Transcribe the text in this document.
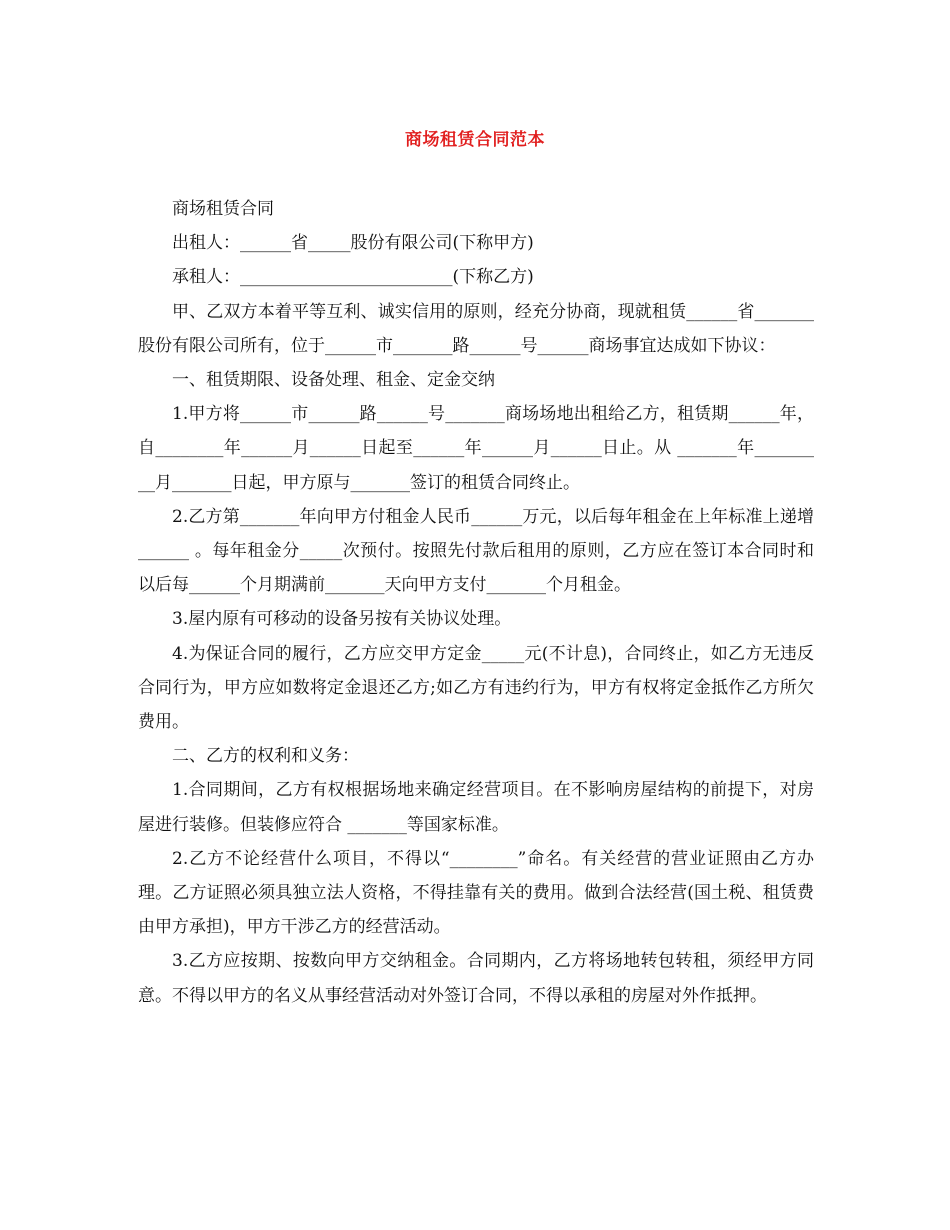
商场租赁合同范本

商场租赁合同

出租人：______省_____股份有限公司(下称甲方)

承租人：_________________________(下称乙方)

甲、乙双方本着平等互利、诚实信用的原则，经充分协商，现就租赁______省_______股份有限公司所有，位于______市_______路______号______商场事宜达成如下协议：

一、租赁期限、设备处理、租金、定金交纳

1.甲方将______市______路______号_______商场场地出租给乙方，租赁期______年，自________年______月______日起至______年______月______日止。从 _______年_________月_______日起，甲方原与_______签订的租赁合同终止。

2.乙方第_______年向甲方付租金人民币______万元，以后每年租金在上年标准上递增______ 。每年租金分_____次预付。按照先付款后租用的原则，乙方应在签订本合同时和以后每______个月期满前_______天向甲方支付_______个月租金。

3.屋内原有可移动的设备另按有关协议处理。

4.为保证合同的履行，乙方应交甲方定金_____元(不计息)，合同终止，如乙方无违反合同行为，甲方应如数将定金退还乙方;如乙方有违约行为，甲方有权将定金抵作乙方所欠费用。

二、乙方的权利和义务：

1.合同期间，乙方有权根据场地来确定经营项目。在不影响房屋结构的前提下，对房屋进行装修。但装修应符合 _______等国家标准。

2.乙方不论经营什么项目，不得以“________”命名。有关经营的营业证照由乙方办理。乙方证照必须具独立法人资格，不得挂靠有关的费用。做到合法经营(国土税、租赁费由甲方承担)，甲方干涉乙方的经营活动。

3.乙方应按期、按数向甲方交纳租金。合同期内，乙方将场地转包转租，须经甲方同意。不得以甲方的名义从事经营活动对外签订合同，不得以承租的房屋对外作抵押。
